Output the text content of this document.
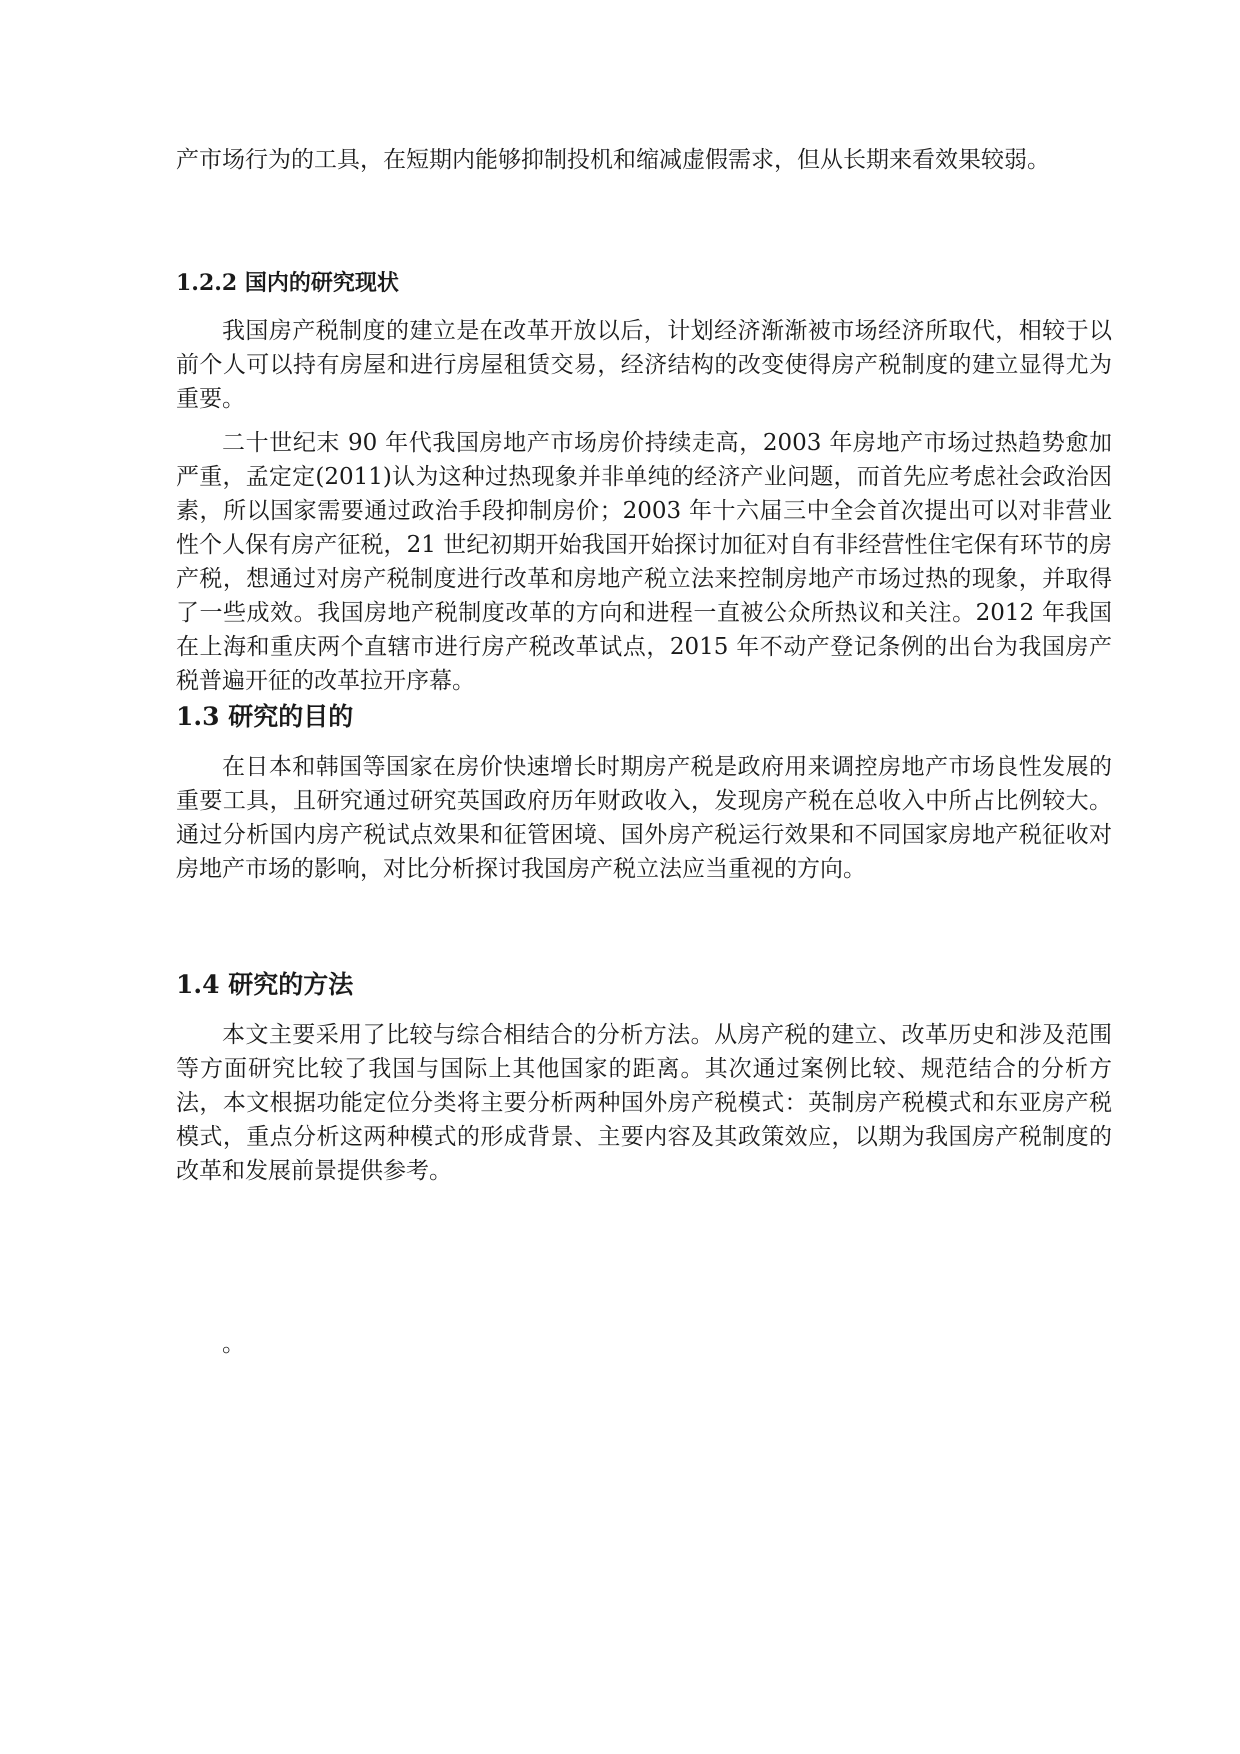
产市场行为的工具，在短期内能够抑制投机和缩减虚假需求，但从长期来看效果较弱。

1.2.2 国内的研究现状

我国房产税制度的建立是在改革开放以后，计划经济渐渐被市场经济所取代，相较于以前个人可以持有房屋和进行房屋租赁交易，经济结构的改变使得房产税制度的建立显得尤为重要。

二十世纪末 90 年代我国房地产市场房价持续走高，2003 年房地产市场过热趋势愈加严重，孟定定(2011)认为这种过热现象并非单纯的经济产业问题，而首先应考虑社会政治因素，所以国家需要通过政治手段抑制房价；2003 年十六届三中全会首次提出可以对非营业性个人保有房产征税，21 世纪初期开始我国开始探讨加征对自有非经营性住宅保有环节的房产税，想通过对房产税制度进行改革和房地产税立法来控制房地产市场过热的现象，并取得了一些成效。我国房地产税制度改革的方向和进程一直被公众所热议和关注。2012 年我国在上海和重庆两个直辖市进行房产税改革试点，2015 年不动产登记条例的出台为我国房产税普遍开征的改革拉开序幕。

1.3 研究的目的

在日本和韩国等国家在房价快速增长时期房产税是政府用来调控房地产市场良性发展的重要工具，且研究通过研究英国政府历年财政收入，发现房产税在总收入中所占比例较大。通过分析国内房产税试点效果和征管困境、国外房产税运行效果和不同国家房地产税征收对房地产市场的影响，对比分析探讨我国房产税立法应当重视的方向。

1.4 研究的方法

本文主要采用了比较与综合相结合的分析方法。从房产税的建立、改革历史和涉及范围等方面研究比较了我国与国际上其他国家的距离。其次通过案例比较、规范结合的分析方法，本文根据功能定位分类将主要分析两种国外房产税模式：英制房产税模式和东亚房产税模式，重点分析这两种模式的形成背景、主要内容及其政策效应，以期为我国房产税制度的改革和发展前景提供参考。

。
